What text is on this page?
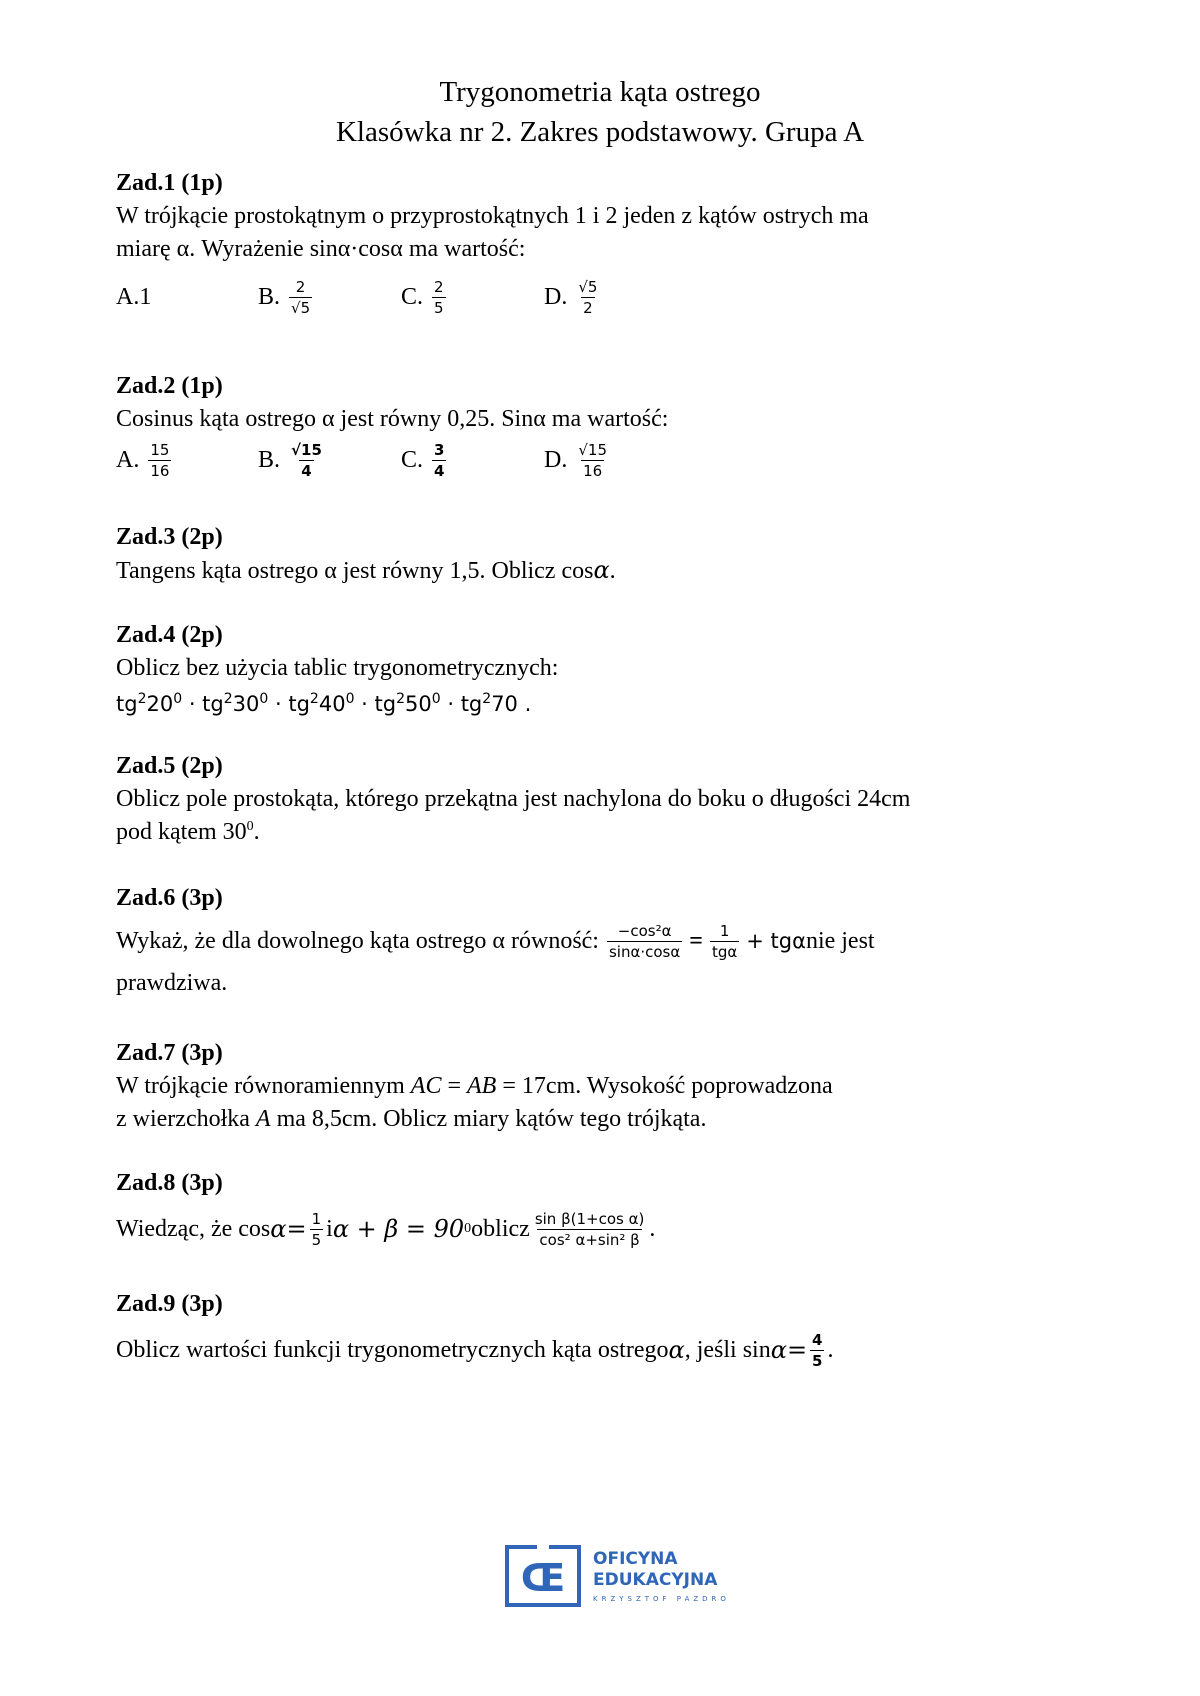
Trygonometria kąta ostrego
Klasówka nr 2. Zakres podstawowy. Grupa A
Zad.1 (1p)
W trójkącie prostokątnym o przyprostokątnych 1 i 2 jeden z kątów ostrych ma
miarę α. Wyrażenie sinα·cosα ma wartość:
A. 1	B. $\frac{2}{√5}$	C. $\frac{2}{5}$	D. $\frac{√5}{2}$
Zad.2 (1p)
Cosinus kąta ostrego α jest równy 0,25. Sinα ma wartość:
A. $\frac{15}{16}$	B. $\frac{√15}{4}$	C. $\frac{3}{4}$	D. $\frac{√15}{16}$
Zad.3 (2p)
Tangens kąta ostrego α jest równy 1,5. Oblicz cosα.
Zad.4 (2p)
Oblicz bez użycia tablic trygonometrycznych:
$tg^220^0 \cdot tg^230^0 \cdot tg^240^0 \cdot tg^250^0 \cdot tg^270$ .
Zad.5 (2p)
Oblicz pole prostokąta, którego przekątna jest nachylona do boku o długości 24cm
pod kątem $30^0$.
Zad.6 (3p)
Wykaż, że dla dowolnego kąta ostrego α równość: $\frac{\text{−cos²α}}{\sin\alpha\cdot\cos\alpha} = \frac{1}{\text{tgα}} + tg\alpha$ nie jest
prawdziwa.
Zad.7 (3p)
W trójkącie równoramiennym AC = AB = 17cm. Wysokość poprowadzona
z wierzchołka A ma 8,5cm. Oblicz miary kątów tego trójkąta.
Zad.8 (3p)
Wiedząc, że $\cos \alpha = \frac{1}{5}$ i α + β = 90 0 oblicz $\frac{\text{sin β(1+cos α)}}{\text{cos² α+sin² β}}$ .
Zad.9 (3p)
Oblicz wartości funkcji trygonometrycznych kąta ostrego α , jeśli $\sin \alpha = \frac{4}{5}$ .
Œ OFICYNA
EDUKACYJNA
KRZYSZTOF PAZDRO
